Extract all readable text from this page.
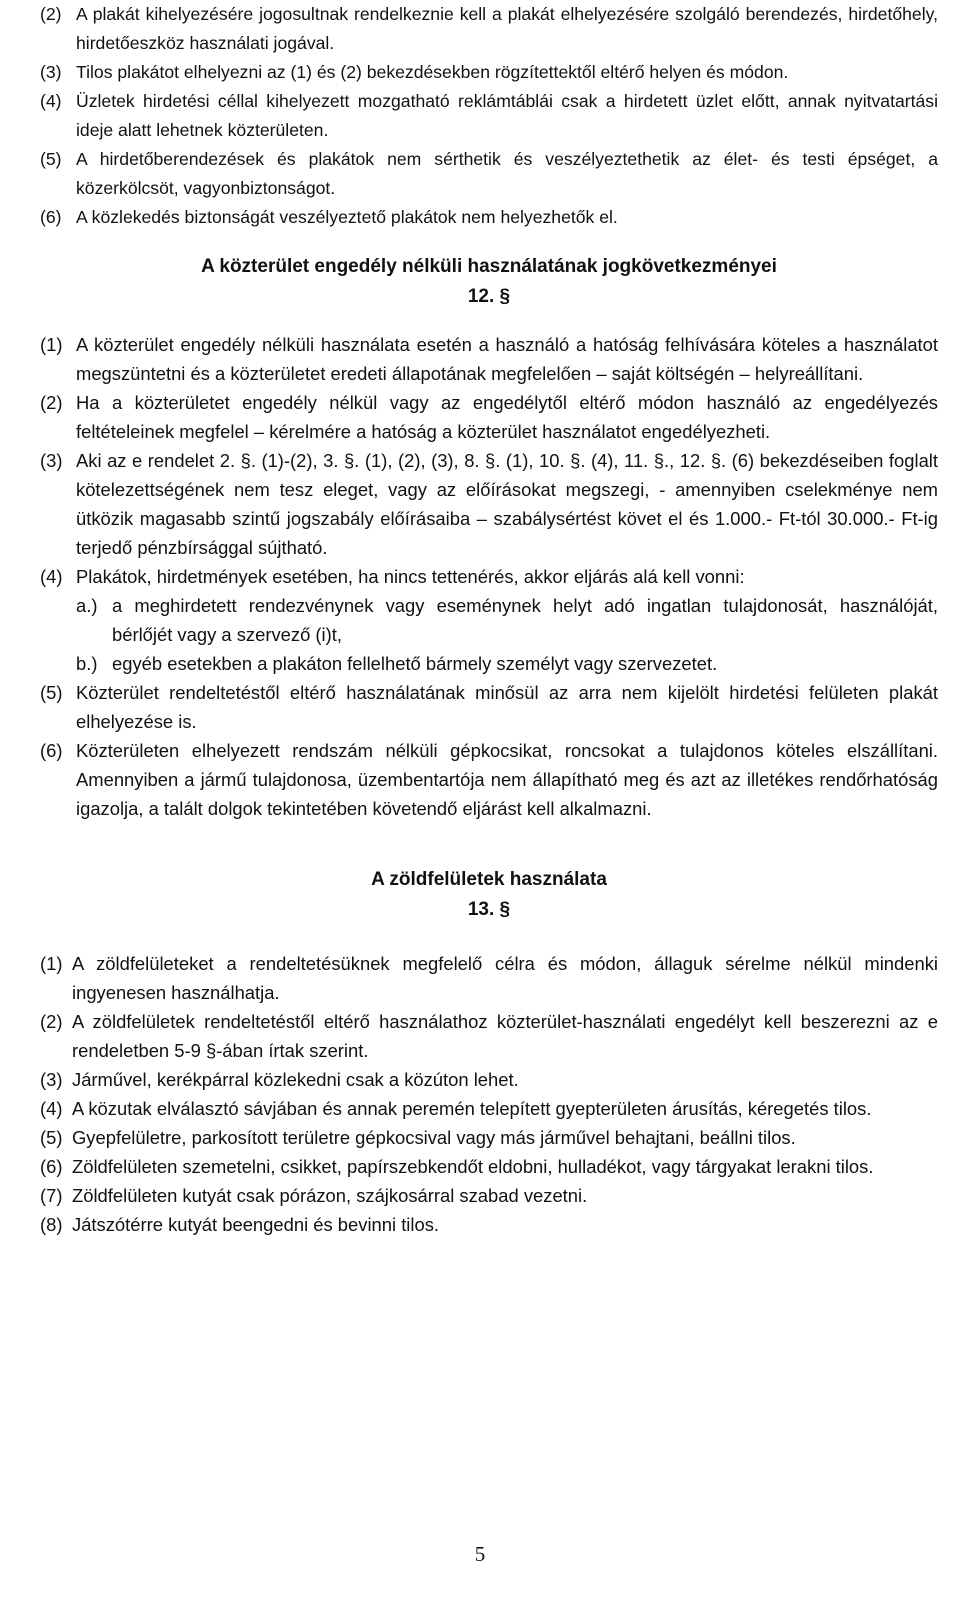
(2) A plakát kihelyezésére jogosultnak rendelkeznie kell a plakát elhelyezésére szolgáló berendezés, hirdetőhely, hirdetőeszköz használati jogával.

(3) Tilos plakátot elhelyezni az (1) és (2) bekezdésekben rögzítettektől eltérő helyen és módon.

(4) Üzletek hirdetési céllal kihelyezett mozgatható reklámtáblái csak a hirdetett üzlet előtt, annak nyitvatartási ideje alatt lehetnek közterületen.

(5) A hirdetőberendezések és plakátok nem sérthetik és veszélyeztethetik az élet- és testi épséget, a közerkölcsöt, vagyonbiztonságot.

(6) A közlekedés biztonságát veszélyeztető plakátok nem helyezhetők el.

A közterület engedély nélküli használatának jogkövetkezményei

12. §

(1) A közterület engedély nélküli használata esetén a használó a hatóság felhívására köteles a használatot megszüntetni és a közterületet eredeti állapotának megfelelően – saját költségén – helyreállítani.

(2) Ha a közterületet engedély nélkül vagy az engedélytől eltérő módon használó az engedélyezés feltételeinek megfelel – kérelmére a hatóság a közterület használatot engedélyezheti.

(3) Aki az e rendelet 2. §. (1)-(2), 3. §. (1), (2), (3), 8. §. (1), 10. §. (4), 11. §., 12. §. (6) bekezdéseiben foglalt kötelezettségének nem tesz eleget, vagy az előírásokat megszegi, - amennyiben cselekménye nem ütközik magasabb szintű jogszabály előírásaiba – szabálysértést követ el és 1.000.- Ft-tól 30.000.- Ft-ig terjedő pénzbírsággal sújtható.

(4) Plakátok, hirdetmények esetében, ha nincs tettenérés, akkor eljárás alá kell vonni:

a.) a meghirdetett rendezvénynek vagy eseménynek helyt adó ingatlan tulajdonosát, használóját, bérlőjét vagy a szervező (i)t,
b.) egyéb esetekben a plakáton fellelhető bármely személyt vagy szervezetet.

(5) Közterület rendeltetéstől eltérő használatának minősül az arra nem kijelölt hirdetési felületen plakát elhelyezése is.

(6) Közterületen elhelyezett rendszám nélküli gépkocsikat, roncsokat a tulajdonos köteles elszállítani. Amennyiben a jármű tulajdonosa, üzembentartója nem állapítható meg és azt az illetékes rendőrhatóság igazolja, a talált dolgok tekintetében követendő eljárást kell alkalmazni.

A zöldfelületek használata

13. §

(1) A zöldfelületeket a rendeltetésüknek megfelelő célra és módon, állaguk sérelme nélkül mindenki ingyenesen használhatja.

(2) A zöldfelületek rendeltetéstől eltérő használathoz közterület-használati engedélyt kell beszerezni az e rendeletben 5-9 §-ában írtak szerint.

(3) Járművel, kerékpárral közlekedni csak a közúton lehet.

(4) A közutak elválasztó sávjában és annak peremén telepített gyepterületen árusítás, kéregetés tilos.

(5) Gyepfelületre, parkosított területre gépkocsival vagy más járművel behajtani, beállni tilos.

(6) Zöldfelületen szemetelni, csikket, papírszebkendőt eldobni, hulladékot, vagy tárgyakat lerakni tilos.

(7) Zöldfelületen kutyát csak pórázon, szájkosárral szabad vezetni.

(8) Játszótérre kutyát beengedni és bevinni tilos.

5
